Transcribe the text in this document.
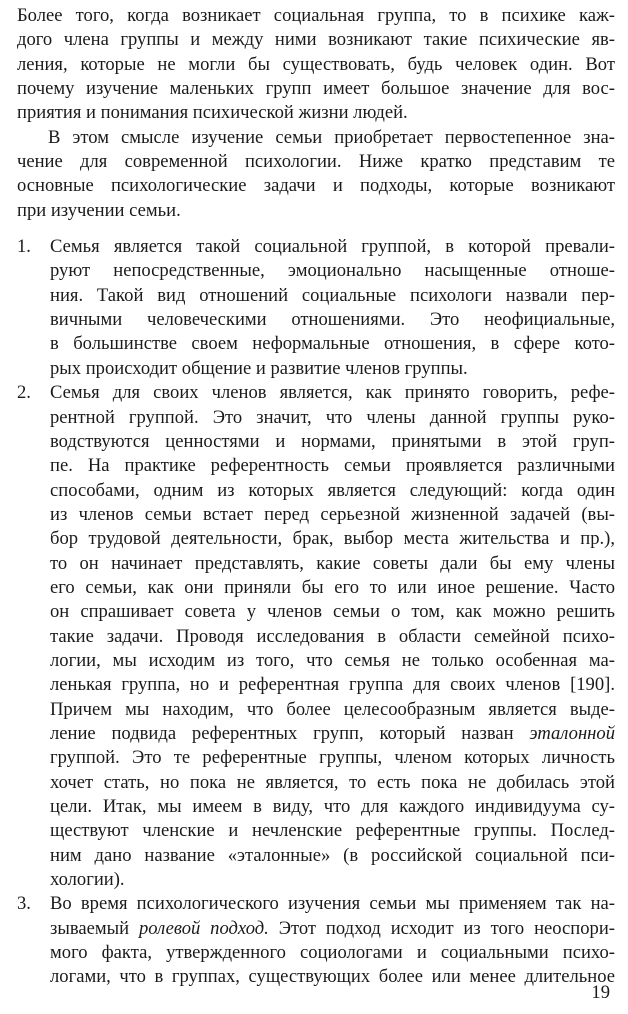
Более того, когда возникает социальная группа, то в психике каж-
дого члена группы и между ними возникают такие психические яв-
ления, которые не могли бы существовать, будь человек один. Вот
почему изучение маленьких групп имеет большое значение для вос-
приятия и понимания психической жизни людей.
В этом смысле изучение семьи приобретает первостепенное зна-
чение для современной психологии. Ниже кратко представим те
основные психологические задачи и подходы, которые возникают
при изучении семьи.
1. Семья является такой социальной группой, в которой превали-
руют непосредственные, эмоционально насыщенные отноше-
ния. Такой вид отношений социальные психологи назвали пер-
вичными человеческими отношениями. Это неофициальные,
в большинстве своем неформальные отношения, в сфере кото-
рых происходит общение и развитие членов группы.
2. Семья для своих членов является, как принято говорить, рефе-
рентной группой. Это значит, что члены данной группы руко-
водствуются ценностями и нормами, принятыми в этой груп-
пе. На практике референтность семьи проявляется различными
способами, одним из которых является следующий: когда один
из членов семьи встает перед серьезной жизненной задачей (вы-
бор трудовой деятельности, брак, выбор места жительства и пр.),
то он начинает представлять, какие советы дали бы ему члены
его семьи, как они приняли бы его то или иное решение. Часто
он спрашивает совета у членов семьи о том, как можно решить
такие задачи. Проводя исследования в области семейной психо-
логии, мы исходим из того, что семья не только особенная ма-
ленькая группа, но и референтная группа для своих членов [190].
Причем мы находим, что более целесообразным является выде-
ление подвида референтных групп, который назван эталонной
группой. Это те референтные группы, членом которых личность
хочет стать, но пока не является, то есть пока не добилась этой
цели. Итак, мы имеем в виду, что для каждого индивидуума су-
ществуют членские и нечленские референтные группы. Послед-
ним дано название «эталонные» (в российской социальной пси-
хологии).
3. Во время психологического изучения семьи мы применяем так на-
зываемый ролевой подход. Этот подход исходит из того неоспори-
мого факта, утвержденного социологами и социальными психо-
логами, что в группах, существующих более или менее длительное
19
